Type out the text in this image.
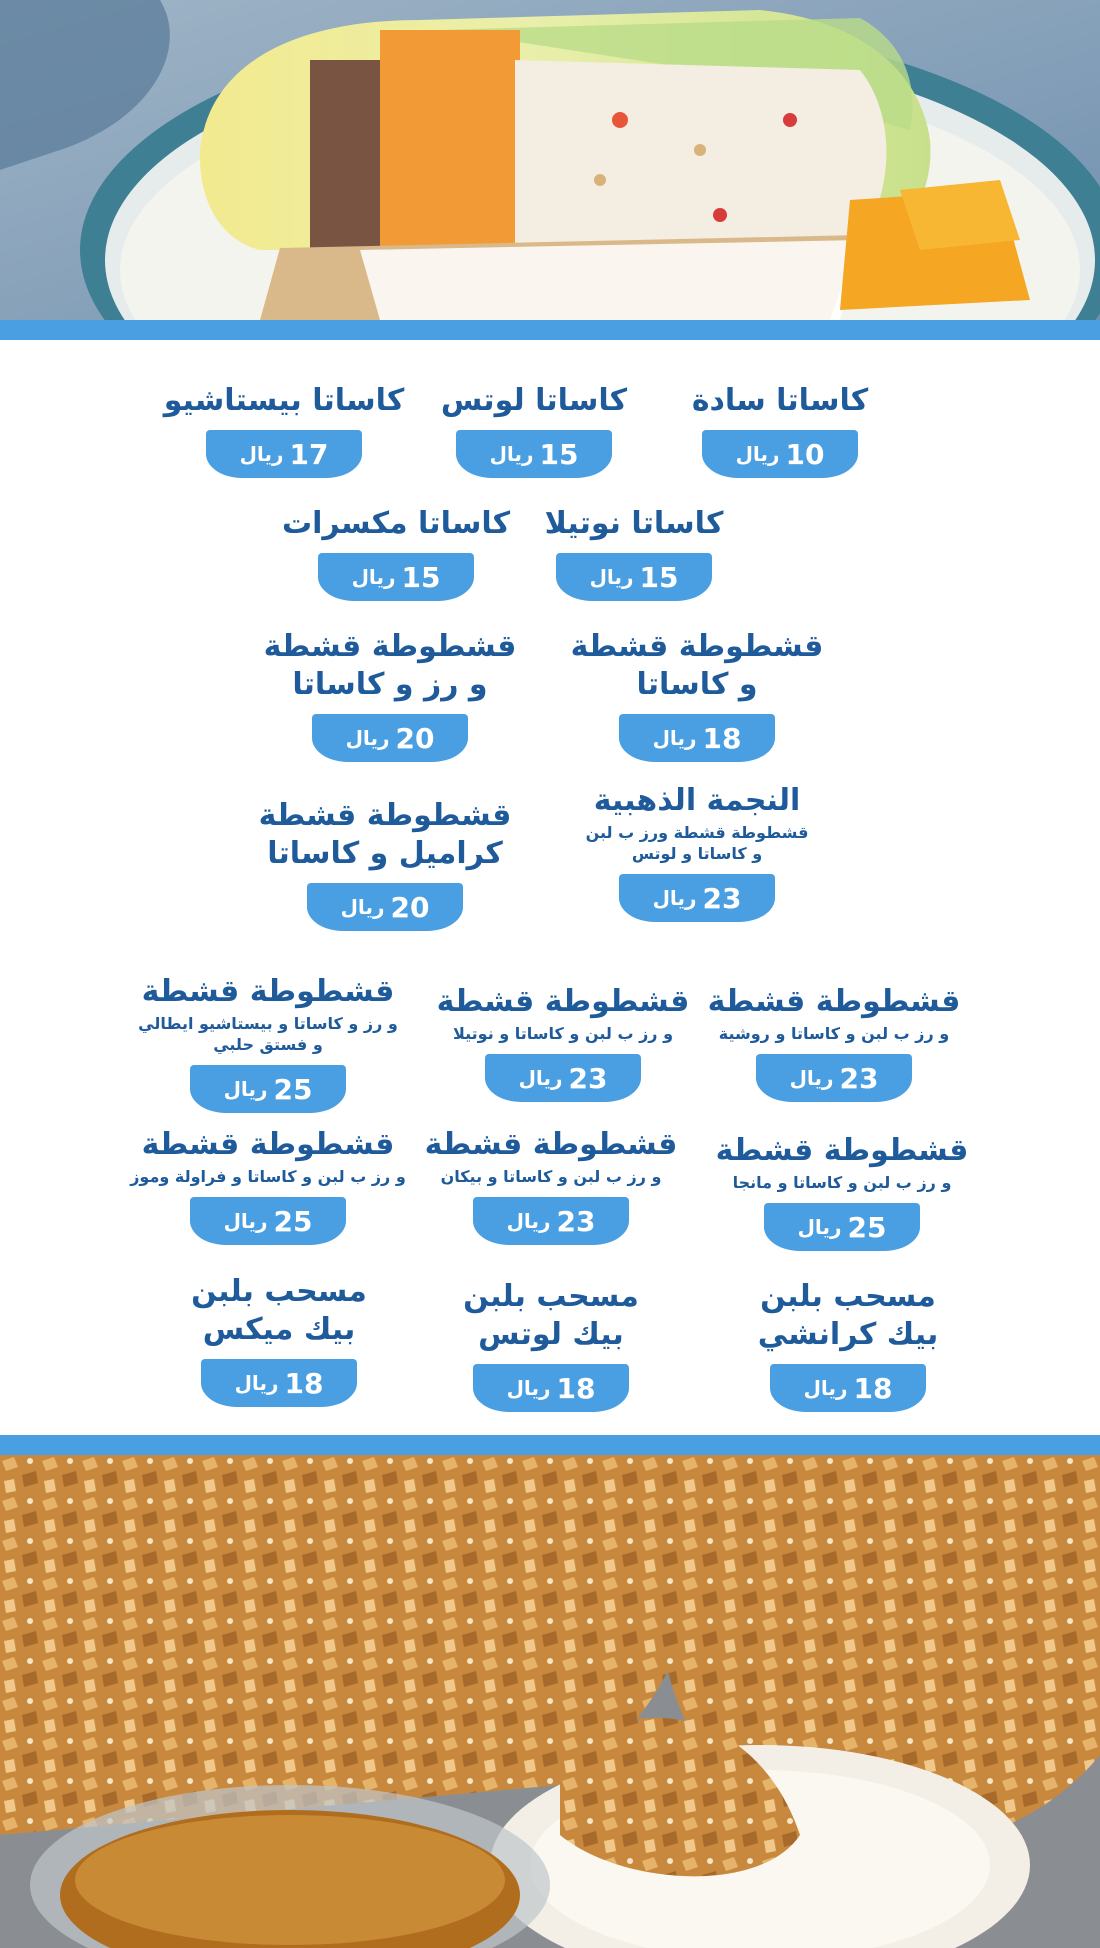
كاساتا سادة
10
ريال
كاساتا لوتس
15
ريال
كاساتا بيستاشيو
17
ريال
كاساتا نوتيلا
15
ريال
كاساتا مكسرات
15
ريال
قشطوطة قشطة
و كاساتا
18
ريال
قشطوطة قشطة
و رز و كاساتا
20
ريال
النجمة الذهبية
قشطوطة قشطة ورز ب لبن
و كاساتا و لوتس
23
ريال
قشطوطة قشطة
كراميل و كاساتا
20
ريال
قشطوطة قشطة
و رز ب لبن و كاساتا و روشية
23
ريال
قشطوطة قشطة
و رز ب لبن و كاساتا و نوتيلا
23
ريال
قشطوطة قشطة
و رز و كاساتا و بيستاشيو ايطالي
و فستق حلبي
25
ريال
قشطوطة قشطة
و رز ب لبن و كاساتا و مانجا
25
ريال
قشطوطة قشطة
و رز ب لبن و كاساتا و بيكان
23
ريال
قشطوطة قشطة
و رز ب لبن و كاساتا و فراولة وموز
25
ريال
مسحب بلبن
بيك كرانشي
18
ريال
مسحب بلبن
بيك لوتس
18
ريال
مسحب بلبن
بيك ميكس
18
ريال
